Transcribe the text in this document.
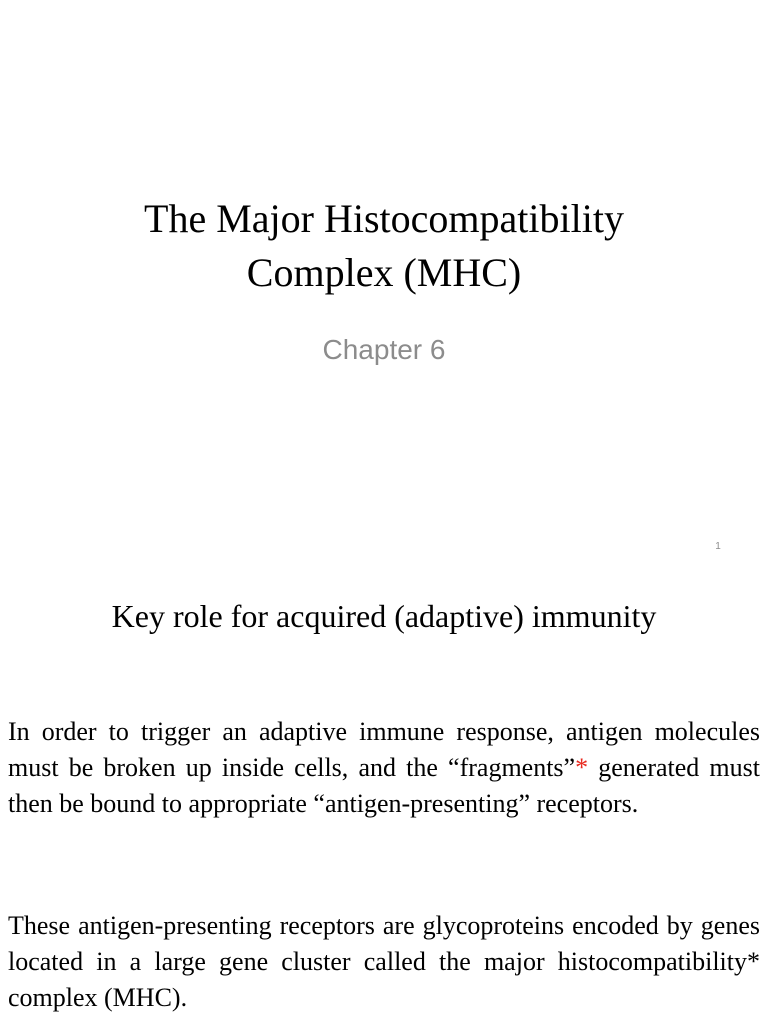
The Major Histocompatibility
Complex (MHC)
Chapter 6
1
Key role for acquired (adaptive) immunity

In order to trigger an adaptive immune response, antigen molecules must be broken up inside cells, and the “fragments”* generated must then be bound to appropriate “antigen-presenting” receptors.

These antigen-presenting receptors are glycoproteins encoded by genes located in a large gene cluster called the major histocompatibility* complex (MHC).
